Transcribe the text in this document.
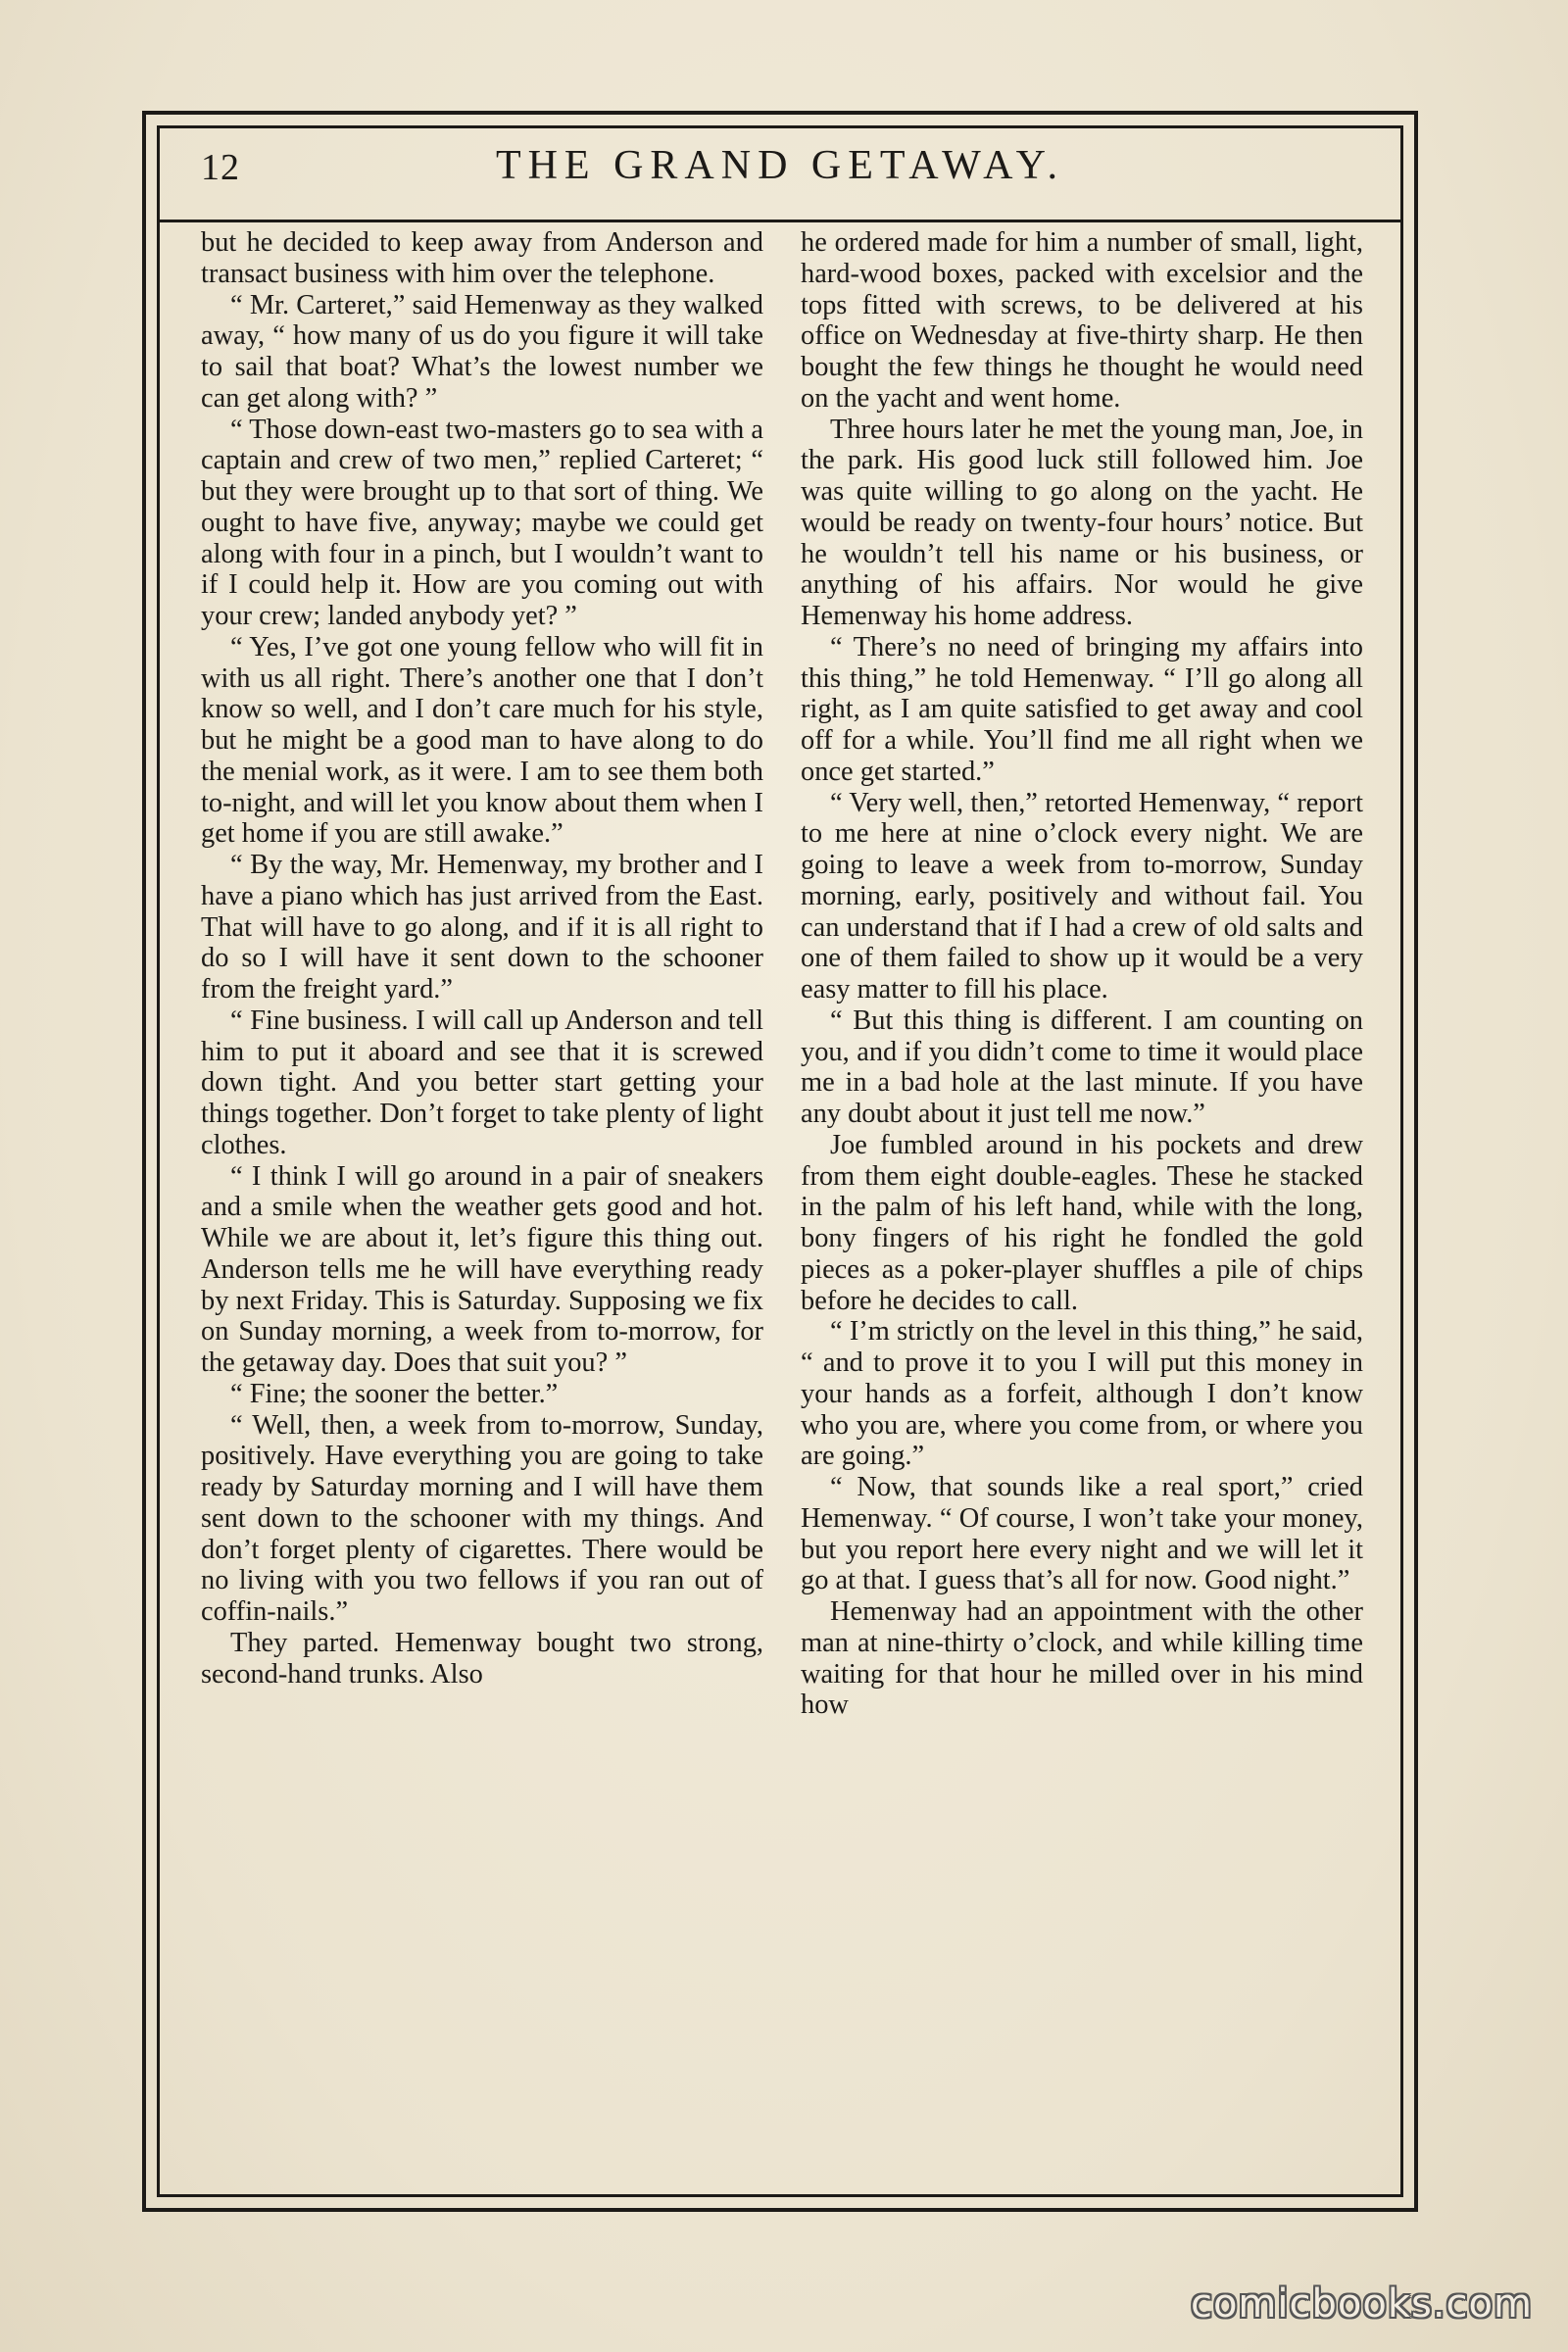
12	THE GRAND GETAWAY.

but he decided to keep away from Anderson and transact business with him over the telephone.

“ Mr. Carteret,” said Hemenway as they walked away, “ how many of us do you figure it will take to sail that boat? What’s the lowest number we can get along with? ”

“ Those down-east two-masters go to sea with a captain and crew of two men,” replied Carteret; “ but they were brought up to that sort of thing. We ought to have five, anyway; maybe we could get along with four in a pinch, but I wouldn’t want to if I could help it. How are you coming out with your crew; landed anybody yet? ”

“ Yes, I’ve got one young fellow who will fit in with us all right. There’s another one that I don’t know so well, and I don’t care much for his style, but he might be a good man to have along to do the menial work, as it were. I am to see them both to-night, and will let you know about them when I get home if you are still awake.”

“ By the way, Mr. Hemenway, my brother and I have a piano which has just arrived from the East. That will have to go along, and if it is all right to do so I will have it sent down to the schooner from the freight yard.”

“ Fine business. I will call up Anderson and tell him to put it aboard and see that it is screwed down tight. And you better start getting your things together. Don’t forget to take plenty of light clothes.

“ I think I will go around in a pair of sneakers and a smile when the weather gets good and hot. While we are about it, let’s figure this thing out. Anderson tells me he will have everything ready by next Friday. This is Saturday. Supposing we fix on Sunday morning, a week from to-morrow, for the getaway day. Does that suit you? ”

“ Fine; the sooner the better.”

“ Well, then, a week from to-morrow, Sunday, positively. Have everything you are going to take ready by Saturday morning and I will have them sent down to the schooner with my things. And don’t forget plenty of cigarettes. There would be no living with you two fellows if you ran out of coffin-nails.”

They parted. Hemenway bought two strong, second-hand trunks. Also

he ordered made for him a number of small, light, hard-wood boxes, packed with excelsior and the tops fitted with screws, to be delivered at his office on Wednesday at five-thirty sharp. He then bought the few things he thought he would need on the yacht and went home.

Three hours later he met the young man, Joe, in the park. His good luck still followed him. Joe was quite willing to go along on the yacht. He would be ready on twenty-four hours’ notice. But he wouldn’t tell his name or his business, or anything of his affairs. Nor would he give Hemenway his home address.

“ There’s no need of bringing my affairs into this thing,” he told Hemenway. “ I’ll go along all right, as I am quite satisfied to get away and cool off for a while. You’ll find me all right when we once get started.”

“ Very well, then,” retorted Hemenway, “ report to me here at nine o’clock every night. We are going to leave a week from to-morrow, Sunday morning, early, positively and without fail. You can understand that if I had a crew of old salts and one of them failed to show up it would be a very easy matter to fill his place.

“ But this thing is different. I am counting on you, and if you didn’t come to time it would place me in a bad hole at the last minute. If you have any doubt about it just tell me now.”

Joe fumbled around in his pockets and drew from them eight double-eagles. These he stacked in the palm of his left hand, while with the long, bony fingers of his right he fondled the gold pieces as a poker-player shuffles a pile of chips before he decides to call.

“ I’m strictly on the level in this thing,” he said, “ and to prove it to you I will put this money in your hands as a forfeit, although I don’t know who you are, where you come from, or where you are going.”

“ Now, that sounds like a real sport,” cried Hemenway. “ Of course, I won’t take your money, but you report here every night and we will let it go at that. I guess that’s all for now. Good night.”

Hemenway had an appointment with the other man at nine-thirty o’clock, and while killing time waiting for that hour he milled over in his mind how

comicbooks.com
